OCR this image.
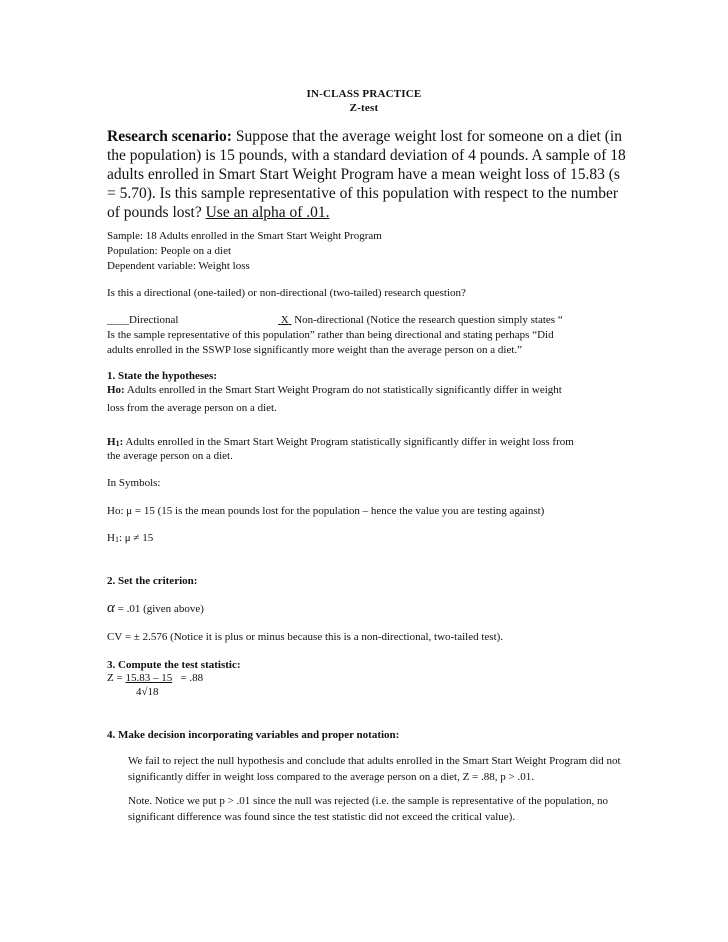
IN-CLASS PRACTICE
Z-test
Research scenario: Suppose that the average weight lost for someone on a diet (in the population) is 15 pounds, with a standard deviation of 4 pounds. A sample of 18 adults enrolled in Smart Start Weight Program have a mean weight loss of 15.83 (s = 5.70). Is this sample representative of this population with respect to the number of pounds lost? Use an alpha of .01.
Sample: 18 Adults enrolled in the Smart Start Weight Program
Population: People on a diet
Dependent variable: Weight loss
Is this a directional (one-tailed) or non-directional (two-tailed) research question?
____Directional	X Non-directional (Notice the research question simply states “
Is the sample representative of this population” rather than being directional and stating perhaps “Did
adults enrolled in the SSWP lose significantly more weight than the average person on a diet.”
1. State the hypotheses:
Ho: Adults enrolled in the Smart Start Weight Program do not statistically significantly differ in weight
loss from the average person on a diet.
H1: Adults enrolled in the Smart Start Weight Program statistically significantly differ in weight loss from
the average person on a diet.
In Symbols:
Ho: μ = 15 (15 is the mean pounds lost for the population – hence the value you are testing against)
H1: μ ≠ 15
2. Set the criterion:
α = .01 (given above)
CV = ± 2.576 (Notice it is plus or minus because this is a non-directional, two-tailed test).
3. Compute the test statistic:
Z = 15.83 – 15   = .88
4√18
4. Make decision incorporating variables and proper notation:
We fail to reject the null hypothesis and conclude that adults enrolled in the Smart Start Weight Program did not significantly differ in weight loss compared to the average person on a diet, Z = .88, p > .01.
Note. Notice we put p > .01 since the null was rejected (i.e. the sample is representative of the population, no significant difference was found since the test statistic did not exceed the critical value).
